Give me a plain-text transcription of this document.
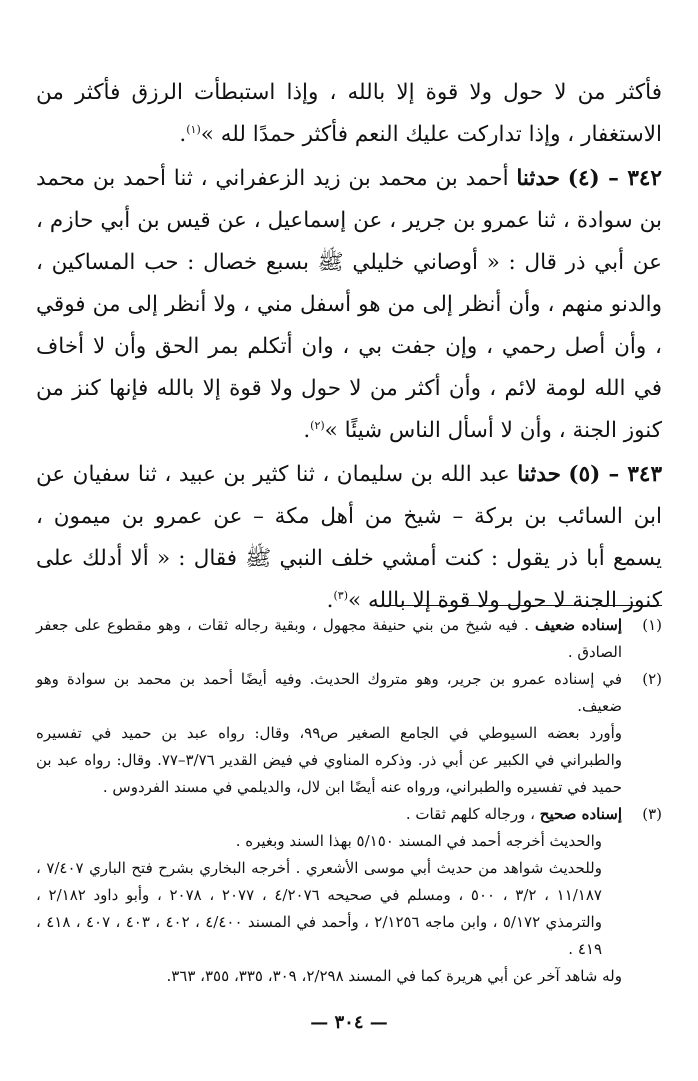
فأكثر من لا حول ولا قوة إلا بالله ، وإذا استبطأت الرزق فأكثر من الاستغفار ، وإذا تداركت عليك النعم فأكثر حمدًا لله »$^{(١)}$.

٣٤٢ – (٤) حدثنا أحمد بن محمد بن زيد الزعفراني ، ثنا أحمد بن محمد بن سوادة ، ثنا عمرو بن جرير ، عن إسماعيل ، عن قيس بن أبي حازم ، عن أبي ذر قال : « أوصاني خليلي ﷺ بسبع خصال : حب المساكين ، والدنو منهم ، وأن أنظر إلى من هو أسفل مني ، ولا أنظر إلى من فوقي ، وأن أصل رحمي ، وإن جفت بي ، وان أتكلم بمر الحق وأن لا أخاف في الله لومة لائم ، وأن أكثر من لا حول ولا قوة إلا بالله فإنها كنز من كنوز الجنة ، وأن لا أسأل الناس شيئًا »$^{(٢)}$.

٣٤٣ – (٥) حدثنا عبد الله بن سليمان ، ثنا كثير بن عبيد ، ثنا سفيان عن ابن السائب بن بركة – شيخ من أهل مكة – عن عمرو بن ميمون ، يسمع أبا ذر يقول : كنت أمشي خلف النبي ﷺ فقال : « ألا أدلك على كنوز الجنة لا حول ولا قوة إلا بالله »$^{(٣)}$.

(١)

إسناده ضعيف . فيه شيخ من بني حنيفة مجهول ، وبقية رجاله ثقات ، وهو مقطوع على جعفر الصادق .

(٢)

في إسناده عمرو بن جرير، وهو متروك الحديث. وفيه أيضًا أحمد بن محمد بن سوادة وهو ضعيف.

وأورد بعضه السيوطي في الجامع الصغير ص٩٩، وقال: رواه عبد بن حميد في تفسيره والطبراني في الكبير عن أبي ذر. وذكره المناوي في فيض القدير ٣/٧٦–٧٧. وقال: رواه عبد بن حميد في تفسيره والطبراني، ورواه عنه أيضًا ابن لال، والديلمي في مسند الفردوس .

(٣)

إسناده صحيح ، ورجاله كلهم ثقات .

والحديث أخرجه أحمد في المسند ٥/١٥٠ بهذا السند وبغيره .

وللحديث شواهد من حديث أبي موسى الأشعري . أخرجه البخاري بشرح فتح الباري ٧/٤٠٧ ، ١١/١٨٧ ، ٣/٢ ، ٥٠٠ ، ومسلم في صحيحه ٤/٢٠٧٦ ، ٢٠٧٧ ، ٢٠٧٨ ، وأبو داود ٢/١٨٢ ، والترمذي ٥/١٧٢ ، وابن ماجه ٢/١٢٥٦ ، وأحمد في المسند ٤/٤٠٠ ، ٤٠٢ ، ٤٠٣ ، ٤٠٧ ، ٤١٨ ، ٤١٩ .

وله شاهد آخر عن أبي هريرة كما في المسند ٢/٢٩٨، ٣٠٩، ٣٣٥، ٣٥٥، ٣٦٣.

— ٣٠٤ —
